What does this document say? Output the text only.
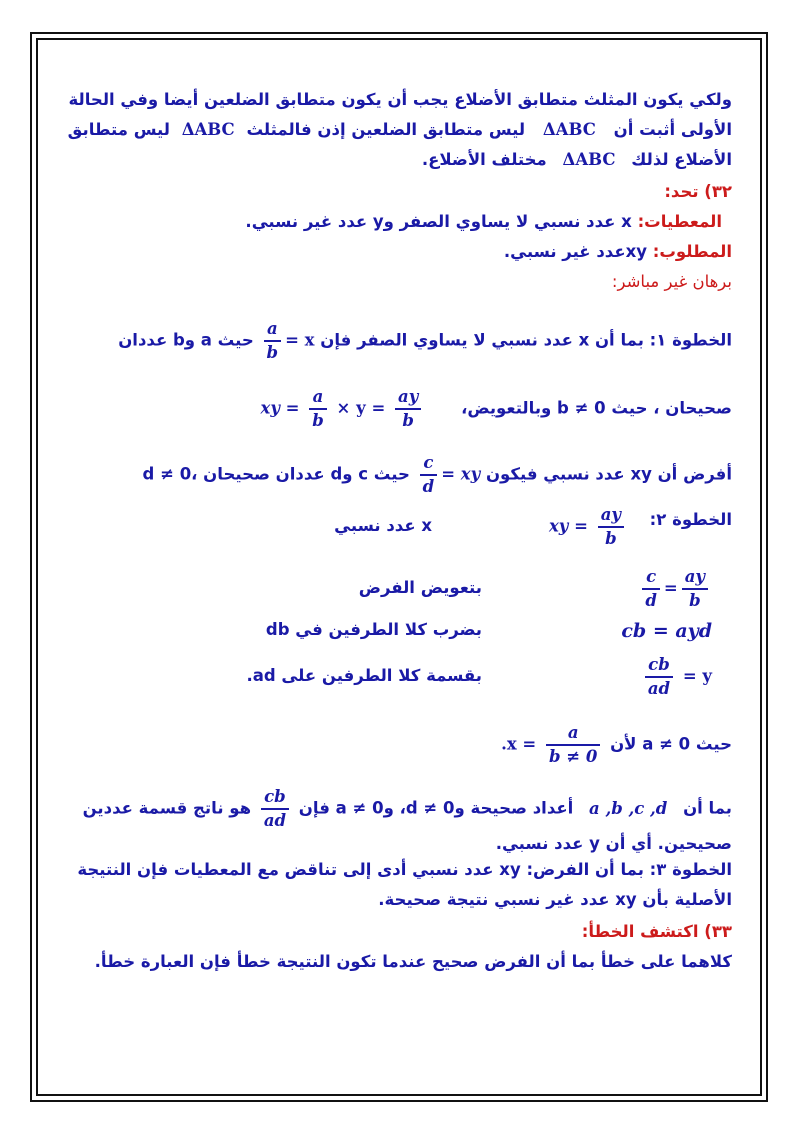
ولكي يكون المثلث متطابق الأضلاع يجب أن يكون متطابق الضلعين أيضا وفي الحالة
الأولى أثبت أن ΔABC ليس متطابق الضلعين إذن فالمثلث ΔABC ليس متطابق
الأضلاع لذلك ΔABC مختلف الأضلاع.
٣٢) تحد:
المعطيات: x عدد نسبي لا يساوي الصفر وy عدد غير نسبي.
المطلوب: xyعدد غير نسبي.
برهان غير مباشر:
الخطوة ١: بما أن x عدد نسبي لا يساوي الصفر فإن
$\frac{a}{b} = x$ حيث a وb عددان
صحيحان ، حيث 0 ≠ b وبالتعويض، xy = $\frac{a}{b} \times y = \frac{ay}{b}$
أفرض أن xy عدد نسبي فيكون
$\frac{c}{d}$ = xy حيث c وd عددان صحيحان ،0 ≠ d
الخطوة ٢:
xy = $\frac{ay}{b}$
x عدد نسبي
$\frac{c}{d} = \frac{ay}{b}$
بتعويض الفرض
cb = ayd
بضرب كلا الطرفين في db
$\frac{cb}{ad} = y$
بقسمة كلا الطرفين على ad.
حيث a ≠ 0 لأن $.x = \frac{a}{b \ne 0}$
بما أن a ,b ,c ,d أعداد صحيحة و0 ≠ d، و0 ≠ a فإن
$\frac{cb}{ad}$
هو ناتج قسمة عددين
صحيحين. أي أن y عدد نسبي.
الخطوة ٣: بما أن الفرض: xy عدد نسبي أدى إلى تناقض مع المعطيات فإن النتيجة
الأصلية بأن xy عدد غير نسبي نتيجة صحيحة.
٣٣) اكتشف الخطأ:
كلاهما على خطأ بما أن الفرض صحيح عندما تكون النتيجة خطأ فإن العبارة خطأ.
